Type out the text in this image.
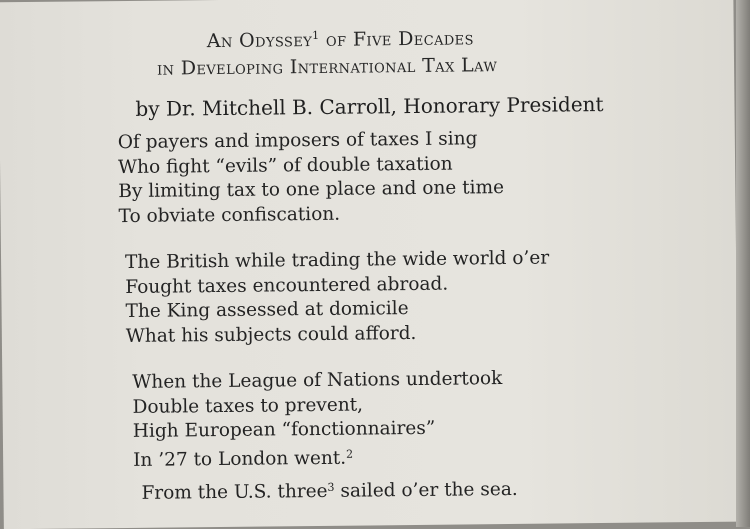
An Odyssey$^1$ of Five Decades
in Developing International Tax Law
by Dr. Mitchell B. Carroll, Honorary President
Of payers and imposers of taxes I sing
Who fight “evils” of double taxation
By limiting tax to one place and one time
To obviate confiscation.
The British while trading the wide world o’er
Fought taxes encountered abroad.
The King assessed at domicile
What his subjects could afford.
When the League of Nations undertook
Double taxes to prevent,
High European “fonctionnaires”
In ’27 to London went.$^2$
From the U.S. three$^3$ sailed o’er the sea.
